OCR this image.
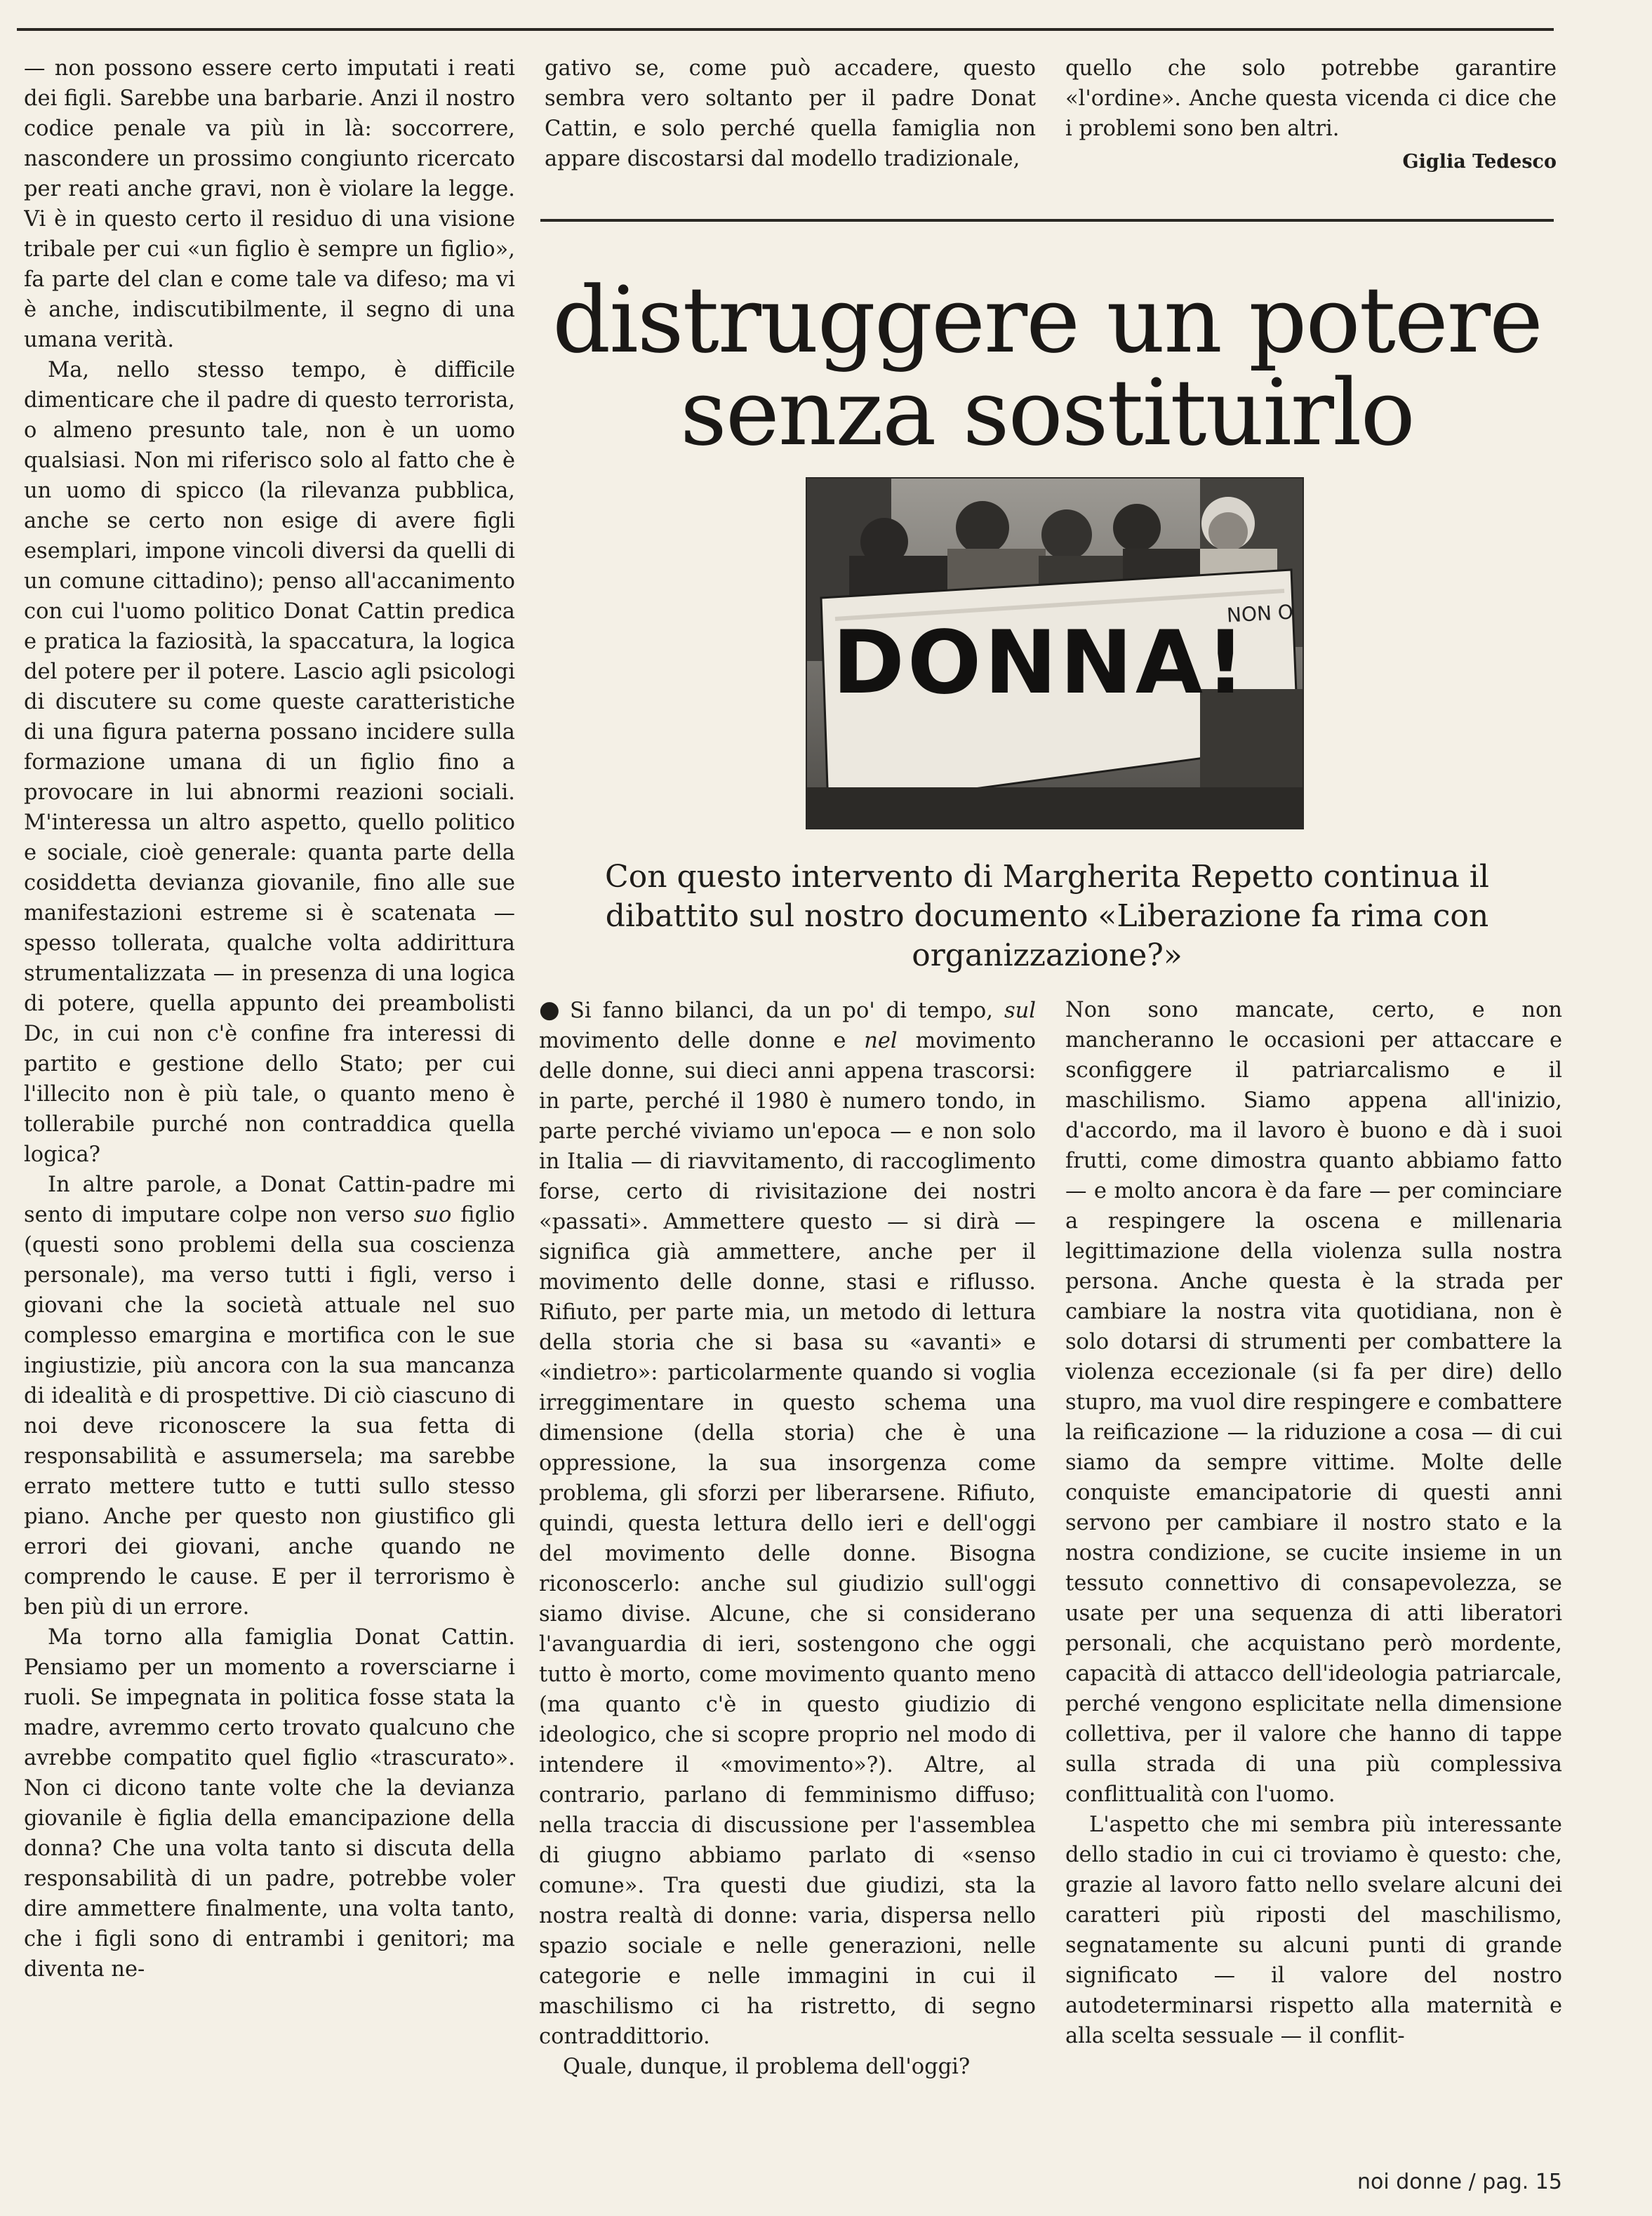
— non possono essere certo imputati i reati dei figli. Sarebbe una barbarie. Anzi il nostro codice penale va più in là: soccorrere, nascondere un prossimo congiunto ricercato per reati anche gravi, non è violare la legge. Vi è in questo certo il residuo di una visione tribale per cui «un figlio è sempre un figlio», fa parte del clan e come tale va difeso; ma vi è anche, indiscutibilmente, il segno di una umana verità.

Ma, nello stesso tempo, è difficile dimenticare che il padre di questo terrorista, o almeno presunto tale, non è un uomo qualsiasi. Non mi riferisco solo al fatto che è un uomo di spicco (la rilevanza pubblica, anche se certo non esige di avere figli esemplari, impone vincoli diversi da quelli di un comune cittadino); penso all'accanimento con cui l'uomo politico Donat Cattin predica e pratica la faziosità, la spaccatura, la logica del potere per il potere. Lascio agli psicologi di discutere su come queste caratteristiche di una figura paterna possano incidere sulla formazione umana di un figlio fino a provocare in lui abnormi reazioni sociali. M'interessa un altro aspetto, quello politico e sociale, cioè generale: quanta parte della cosiddetta devianza giovanile, fino alle sue manifestazioni estreme si è scatenata — spesso tollerata, qualche volta addirittura strumentalizzata — in presenza di una logica di potere, quella appunto dei preambolisti Dc, in cui non c'è confine fra interessi di partito e gestione dello Stato; per cui l'illecito non è più tale, o quanto meno è tollerabile purché non contraddica quella logica?

In altre parole, a Donat Cattin-padre mi sento di imputare colpe non verso suo figlio (questi sono problemi della sua coscienza personale), ma verso tutti i figli, verso i giovani che la società attuale nel suo complesso emargina e mortifica con le sue ingiustizie, più ancora con la sua mancanza di idealità e di prospettive. Di ciò ciascuno di noi deve riconoscere la sua fetta di responsabilità e assumersela; ma sarebbe errato mettere tutto e tutti sullo stesso piano. Anche per questo non giustifico gli errori dei giovani, anche quando ne comprendo le cause. E per il terrorismo è ben più di un errore.

Ma torno alla famiglia Donat Cattin. Pensiamo per un momento a roversciarne i ruoli. Se impegnata in politica fosse stata la madre, avremmo certo trovato qualcuno che avrebbe compatito quel figlio «trascurato». Non ci dicono tante volte che la devianza giovanile è figlia della emancipazione della donna? Che una volta tanto si discuta della responsabilità di un padre, potrebbe voler dire ammettere finalmente, una volta tanto, che i figli sono di entrambi i genitori; ma diventa ne-

gativo se, come può accadere, questo sembra vero soltanto per il padre Donat Cattin, e solo perché quella famiglia non appare discostarsi dal modello tradizionale,

quello che solo potrebbe garantire «l'ordine». Anche questa vicenda ci dice che i problemi sono ben altri.

Giglia Tedesco
distruggere un potere
senza sostituirlo
DONNA!
NON O
Con questo intervento di Margherita Repetto continua il dibattito sul nostro documento «Liberazione fa rima con organizzazione?»

● Si fanno bilanci, da un po' di tempo, sul movimento delle donne e nel movimento delle donne, sui dieci anni appena trascorsi: in parte, perché il 1980 è numero tondo, in parte perché viviamo un'epoca — e non solo in Italia — di riavvitamento, di raccoglimento forse, certo di rivisitazione dei nostri «passati». Ammettere questo — si dirà — significa già ammettere, anche per il movimento delle donne, stasi e riflusso. Rifiuto, per parte mia, un metodo di lettura della storia che si basa su «avanti» e «indietro»: particolarmente quando si voglia irreggimentare in questo schema una dimensione (della storia) che è una oppressione, la sua insorgenza come problema, gli sforzi per liberarsene. Rifiuto, quindi, questa lettura dello ieri e dell'oggi del movimento delle donne. Bisogna riconoscerlo: anche sul giudizio sull'oggi siamo divise. Alcune, che si considerano l'avanguardia di ieri, sostengono che oggi tutto è morto, come movimento quanto meno (ma quanto c'è in questo giudizio di ideologico, che si scopre proprio nel modo di intendere il «movimento»?). Altre, al contrario, parlano di femminismo diffuso; nella traccia di discussione per l'assemblea di giugno abbiamo parlato di «senso comune». Tra questi due giudizi, sta la nostra realtà di donne: varia, dispersa nello spazio sociale e nelle generazioni, nelle categorie e nelle immagini in cui il maschilismo ci ha ristretto, di segno contraddittorio.

Quale, dunque, il problema dell'oggi?

Non sono mancate, certo, e non mancheranno le occasioni per attaccare e sconfiggere il patriarcalismo e il maschilismo. Siamo appena all'inizio, d'accordo, ma il lavoro è buono e dà i suoi frutti, come dimostra quanto abbiamo fatto — e molto ancora è da fare — per cominciare a respingere la oscena e millenaria legittimazione della violenza sulla nostra persona. Anche questa è la strada per cambiare la nostra vita quotidiana, non è solo dotarsi di strumenti per combattere la violenza eccezionale (si fa per dire) dello stupro, ma vuol dire respingere e combattere la reificazione — la riduzione a cosa — di cui siamo da sempre vittime. Molte delle conquiste emancipatorie di questi anni servono per cambiare il nostro stato e la nostra condizione, se cucite insieme in un tessuto connettivo di consapevolezza, se usate per una sequenza di atti liberatori personali, che acquistano però mordente, capacità di attacco dell'ideologia patriarcale, perché vengono esplicitate nella dimensione collettiva, per il valore che hanno di tappe sulla strada di una più complessiva conflittualità con l'uomo.

L'aspetto che mi sembra più interessante dello stadio in cui ci troviamo è questo: che, grazie al lavoro fatto nello svelare alcuni dei caratteri più riposti del maschilismo, segnatamente su alcuni punti di grande significato — il valore del nostro autodeterminarsi rispetto alla maternità e alla scelta sessuale — il conflit-

noi donne / pag. 15
